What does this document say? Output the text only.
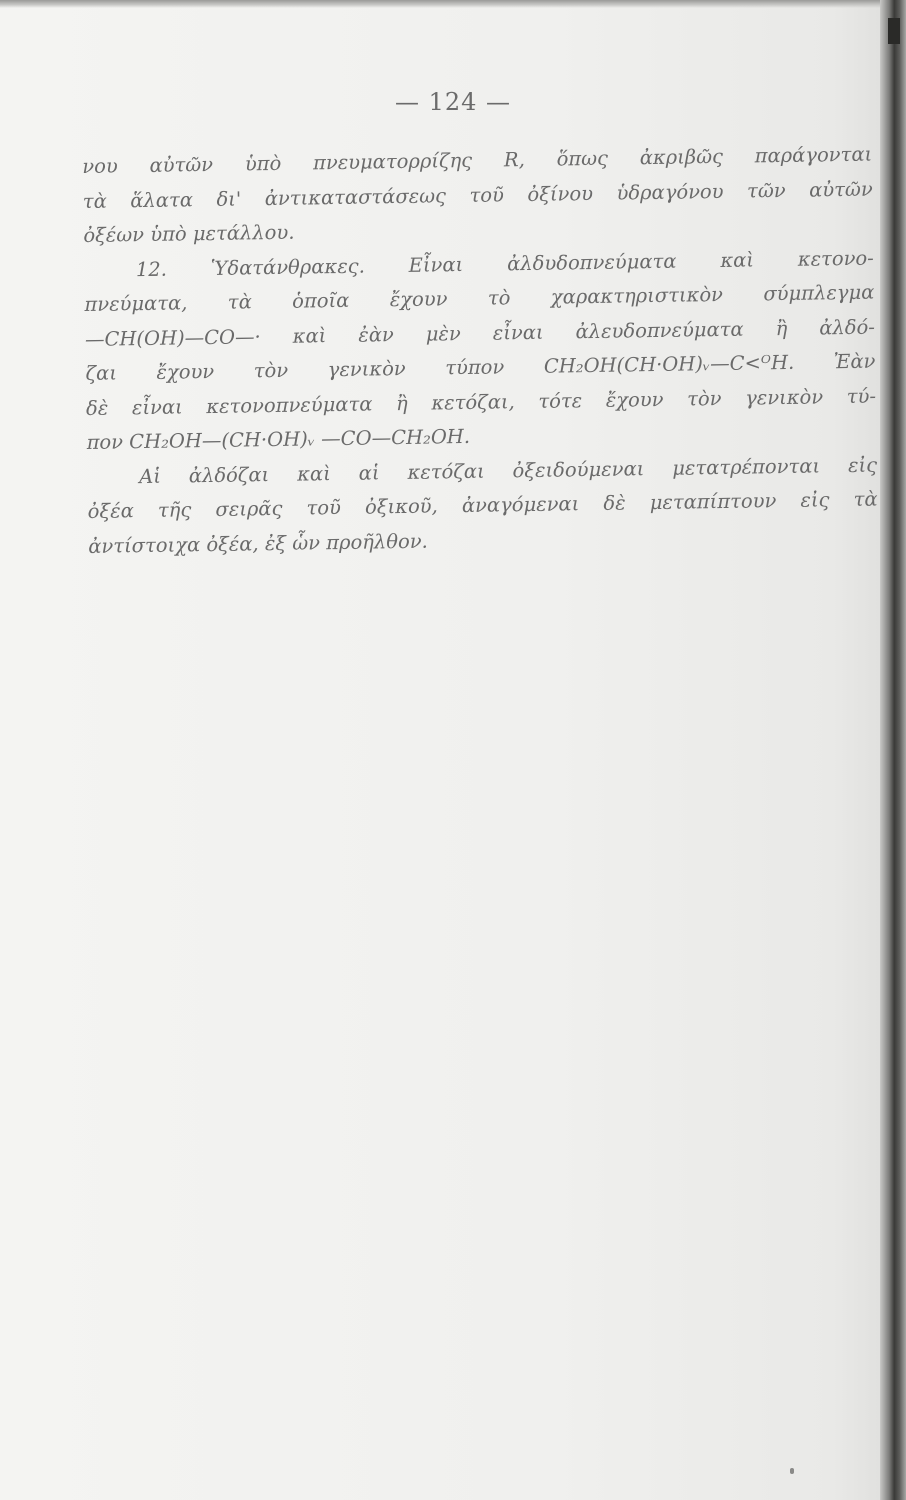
— 124 —
νου αὐτῶν ὑπὸ πνευματορρίζης R, ὅπως ἀκριβῶς παράγονται
τὰ ἅλατα δι' ἀντικαταστάσεως τοῦ ὀξίνου ὑδραγόνου τῶν αὐτῶν
ὀξέων ὑπὸ μετάλλου.
12. Ὑδατάνθρακες. Εἶναι ἀλδυδοπνεύματα καὶ κετονο-
πνεύματα, τὰ ὁποῖα ἔχουν τὸ χαρακτηριστικὸν σύμπλεγμα
—CH(OH)—CO—· καὶ ἐὰν μὲν εἶναι ἀλευδοπνεύματα ἢ ἀλδό-
ζαι ἔχουν τὸν γενικὸν τύπον CH₂OH(CH·OH)ᵥ—C<ᴼH. Ἐὰν
δὲ εἶναι κετονοπνεύματα ἢ κετόζαι, τότε ἔχουν τὸν γενικὸν τύ-
πον CH₂OH—(CH·OH)ᵥ —CO—CH₂OH.
Αἱ ἀλδόζαι καὶ αἱ κετόζαι ὀξειδούμεναι μετατρέπονται εἰς
ὀξέα τῆς σειρᾶς τοῦ ὀξικοῦ, ἀναγόμεναι δὲ μεταπίπτουν εἰς τὰ
ἀντίστοιχα ὀξέα, ἐξ ὧν προῆλθον.
